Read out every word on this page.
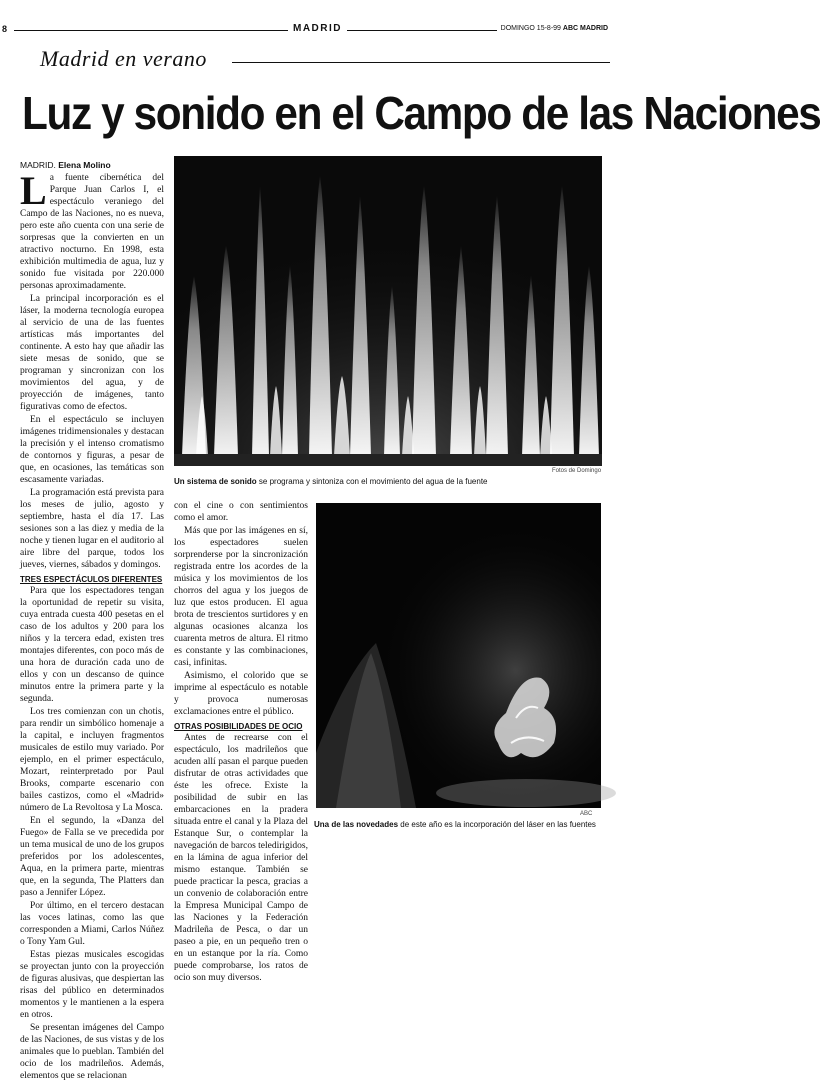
8	MADRID	DOMINGO 15-8-99 ABC MADRID
Madrid en verano
Luz y sonido en el Campo de las Naciones
MADRID. Elena Molino

La fuente cibernética del Parque Juan Carlos I, el espectáculo veraniego del Campo de las Naciones, no es nueva, pero este año cuenta con una serie de sorpresas que la convierten en un atractivo nocturno. En 1998, esta exhibición multimedia de agua, luz y sonido fue visitada por 220.000 personas aproximadamente.

La principal incorporación es el láser, la moderna tecnología europea al servicio de una de las fuentes artísticas más importantes del continente. A esto hay que añadir las siete mesas de sonido, que se programan y sincronizan con los movimientos del agua, y de proyección de imágenes, tanto figurativas como de efectos.

En el espectáculo se incluyen imágenes tridimensionales y destacan la precisión y el intenso cromatismo de contornos y figuras, a pesar de que, en ocasiones, las temáticas son escasamente variadas.

La programación está prevista para los meses de julio, agosto y septiembre, hasta el día 17. Las sesiones son a las diez y media de la noche y tienen lugar en el auditorio al aire libre del parque, todos los jueves, viernes, sábados y domingos.

TRES ESPECTÁCULOS DIFERENTES

Para que los espectadores tengan la oportunidad de repetir su visita, cuya entrada cuesta 400 pesetas en el caso de los adultos y 200 para los niños y la tercera edad, existen tres montajes diferentes, con poco más de una hora de duración cada uno de ellos y con un descanso de quince minutos entre la primera parte y la segunda.

Los tres comienzan con un chotis, para rendir un simbólico homenaje a la capital, e incluyen fragmentos musicales de estilo muy variado. Por ejemplo, en el primer espectáculo, Mozart, reinterpretado por Paul Brooks, comparte escenario con bailes castizos, como el «Madrid» número de La Revoltosa y La Mosca.

En el segundo, la «Danza del Fuego» de Falla se ve precedida por un tema musical de uno de los grupos preferidos por los adolescentes, Aqua, en la primera parte, mientras que, en la segunda, The Platters dan paso a Jennifer López.

Por último, en el tercero destacan las voces latinas, como las que corresponden a Miami, Carlos Núñez o Tony Yam Gul.

Estas piezas musicales escogidas se proyectan junto con la proyección de figuras alusivas, que despiertan las risas del público en determinados momentos y le mantienen a la espera en otros.

Se presentan imágenes del Campo de las Naciones, de sus vistas y de los animales que lo pueblan. También del ocio de los madrileños. Además, elementos que se relacionan

Fotos de Domingo
Un sistema de sonido se programa y sintoniza con el movimiento del agua de la fuente

con el cine o con sentimientos como el amor.

Más que por las imágenes en sí, los espectadores suelen sorprenderse por la sincronización registrada entre los acordes de la música y los movimientos de los chorros del agua y los juegos de luz que estos producen. El agua brota de trescientos surtidores y en algunas ocasiones alcanza los cuarenta metros de altura. El ritmo es constante y las combinaciones, casi, infinitas.

Asimismo, el colorido que se imprime al espectáculo es notable y provoca numerosas exclamaciones entre el público.

OTRAS POSIBILIDADES DE OCIO

Antes de recrearse con el espectáculo, los madrileños que acuden allí pasan el parque pueden disfrutar de otras actividades que éste les ofrece. Existe la posibilidad de subir en las embarcaciones en la pradera situada entre el canal y la Plaza del Estanque Sur, o contemplar la navegación de barcos teledirigidos, en la lámina de agua inferior del mismo estanque. También se puede practicar la pesca, gracias a un convenio de colaboración entre la Empresa Municipal Campo de las Naciones y la Federación Madrileña de Pesca, o dar un paseo a pie, en un pequeño tren o en un estanque por la ría. Como puede comprobarse, los ratos de ocio son muy diversos.

ABC
Una de las novedades de este año es la incorporación del láser en las fuentes
